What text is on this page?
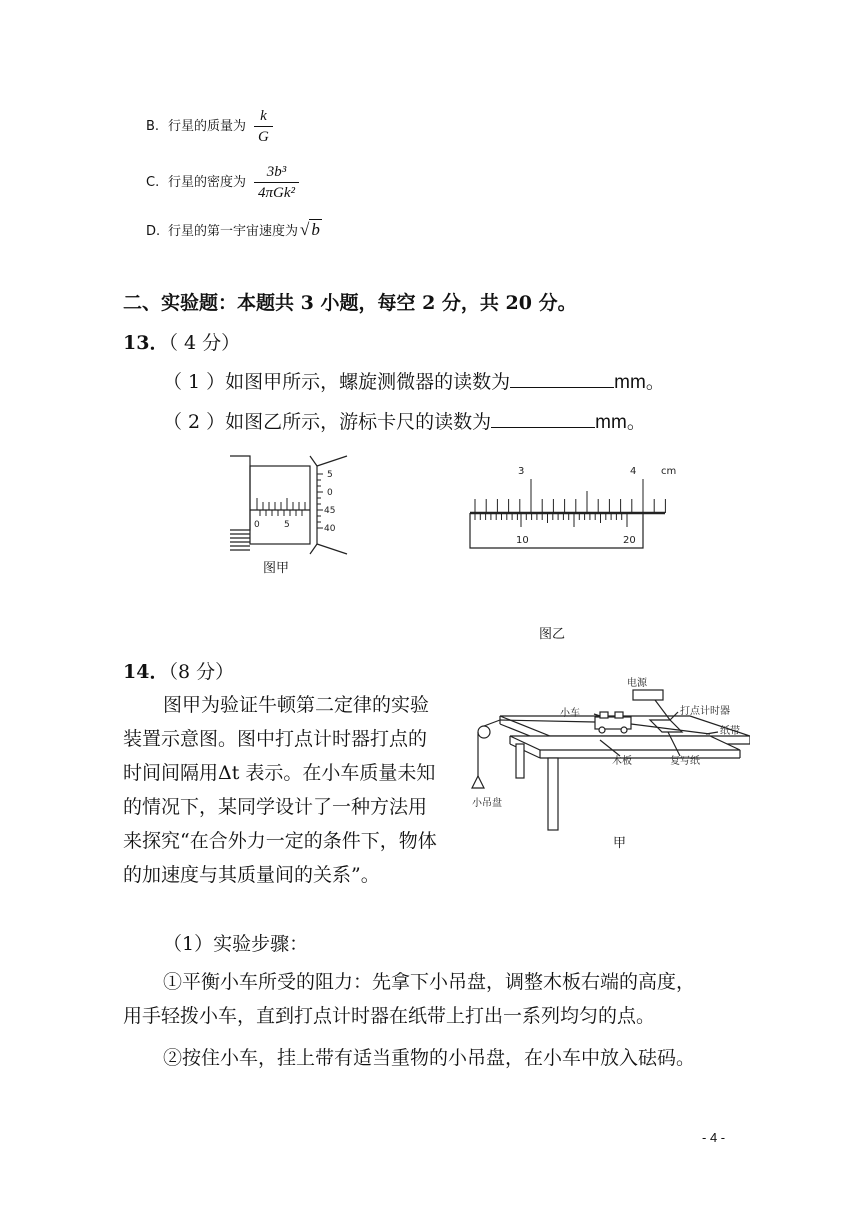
B. 行星的质量为 $\frac{k}{G}$
C. 行星的密度为 $\frac{\text{3b³}}{\text{4πGk²}}$
D. 行星的第一宇宙速度为 √ b
二、实验题：本题共 3 小题，每空 2 分，共 20 分。
13．（ 4 分）
（ 1 ）如图甲所示，螺旋测微器的读数为	mm。
（ 2 ）如图乙所示，游标卡尺的读数为	mm。
0	5
5
0
45
40
图甲
3	4 cm
10	20
图乙
14．（8 分）
图甲为验证牛顿第二定律的实验
装置示意图。图中打点计时器打点的
时间间隔用Δt 表示。在小车质量未知
的情况下，某同学设计了一种方法用
来探究“在合外力一定的条件下，物体
的加速度与其质量间的关系”。
电源
小车	打点计时器
纸带
木板	复写纸
小吊盘
甲
（1）实验步骤：
①平衡小车所受的阻力：先拿下小吊盘，调整木板右端的高度，
用手轻拨小车，直到打点计时器在纸带上打出一系列均匀的点。
②按住小车，挂上带有适当重物的小吊盘，在小车中放入砝码。
- 4 -
